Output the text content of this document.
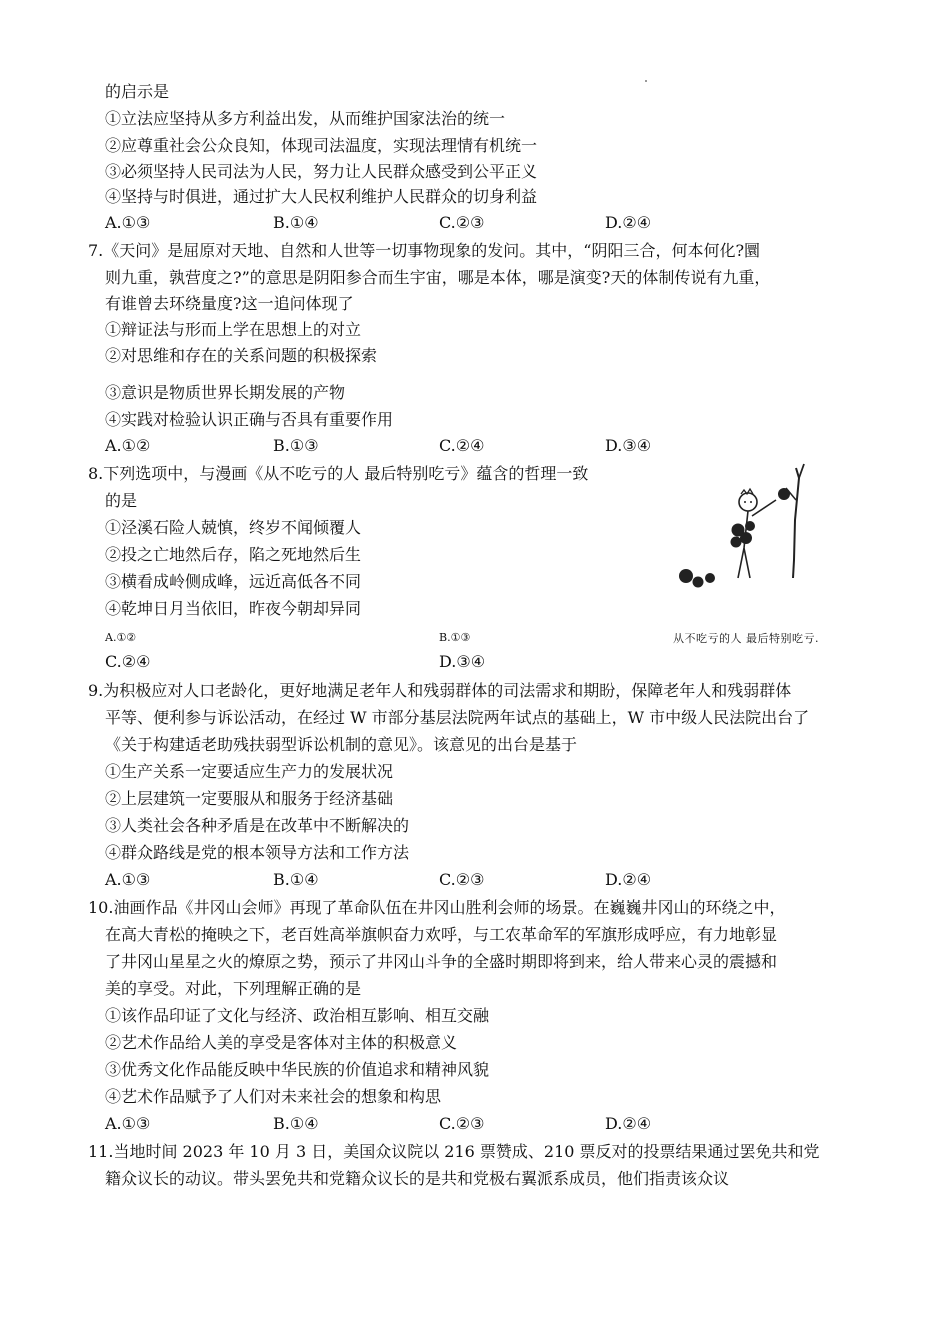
的启示是
①立法应坚持从多方利益出发，从而维护国家法治的统一
②应尊重社会公众良知，体现司法温度，实现法理情有机统一
③必须坚持人民司法为人民，努力让人民群众感受到公平正义
④坚持与时俱进，通过扩大人民权利维护人民群众的切身利益
A.①③	B.①④	C.②③	D.②④
7.《天问》是屈原对天地、自然和人世等一切事物现象的发问。其中，“阴阳三合，何本何化?圜
则九重，孰营度之?”的意思是阴阳参合而生宇宙，哪是本体，哪是演变?天的体制传说有九重，
有谁曾去环绕量度?这一追问体现了
①辩证法与形而上学在思想上的对立
②对思维和存在的关系问题的积极探索
③意识是物质世界长期发展的产物
④实践对检验认识正确与否具有重要作用
A.①②	B.①③	C.②④	D.③④
8.下列选项中，与漫画《从不吃亏的人 最后特别吃亏》蕴含的哲理一致
的是
①泾溪石险人兢慎，终岁不闻倾覆人
②投之亡地然后存，陷之死地然后生
③横看成岭侧成峰，远近高低各不同
④乾坤日月当依旧，昨夜今朝却异同
A.①②	B.①③
C.②④	D.③④
从不吃亏的人 最后特别吃亏.
9.为积极应对人口老龄化，更好地满足老年人和残弱群体的司法需求和期盼，保障老年人和残弱群体
平等、便利参与诉讼活动，在经过 W 市部分基层法院两年试点的基础上，W 市中级人民法院出台了
《关于构建适老助残扶弱型诉讼机制的意见》。该意见的出台是基于
①生产关系一定要适应生产力的发展状况
②上层建筑一定要服从和服务于经济基础
③人类社会各种矛盾是在改革中不断解决的
④群众路线是党的根本领导方法和工作方法
A.①③	B.①④	C.②③	D.②④
10.油画作品《井冈山会师》再现了革命队伍在井冈山胜利会师的场景。在巍巍井冈山的环绕之中，
在高大青松的掩映之下，老百姓高举旗帜奋力欢呼，与工农革命军的军旗形成呼应，有力地彰显
了井冈山星星之火的燎原之势，预示了井冈山斗争的全盛时期即将到来，给人带来心灵的震撼和
美的享受。对此，下列理解正确的是
①该作品印证了文化与经济、政治相互影响、相互交融
②艺术作品给人美的享受是客体对主体的积极意义
③优秀文化作品能反映中华民族的价值追求和精神风貌
④艺术作品赋予了人们对未来社会的想象和构思
A.①③	B.①④	C.②③	D.②④
11.当地时间 2023 年 10 月 3 日，美国众议院以 216 票赞成、210 票反对的投票结果通过罢免共和党
籍众议长的动议。带头罢免共和党籍众议长的是共和党极右翼派系成员，他们指责该众议
